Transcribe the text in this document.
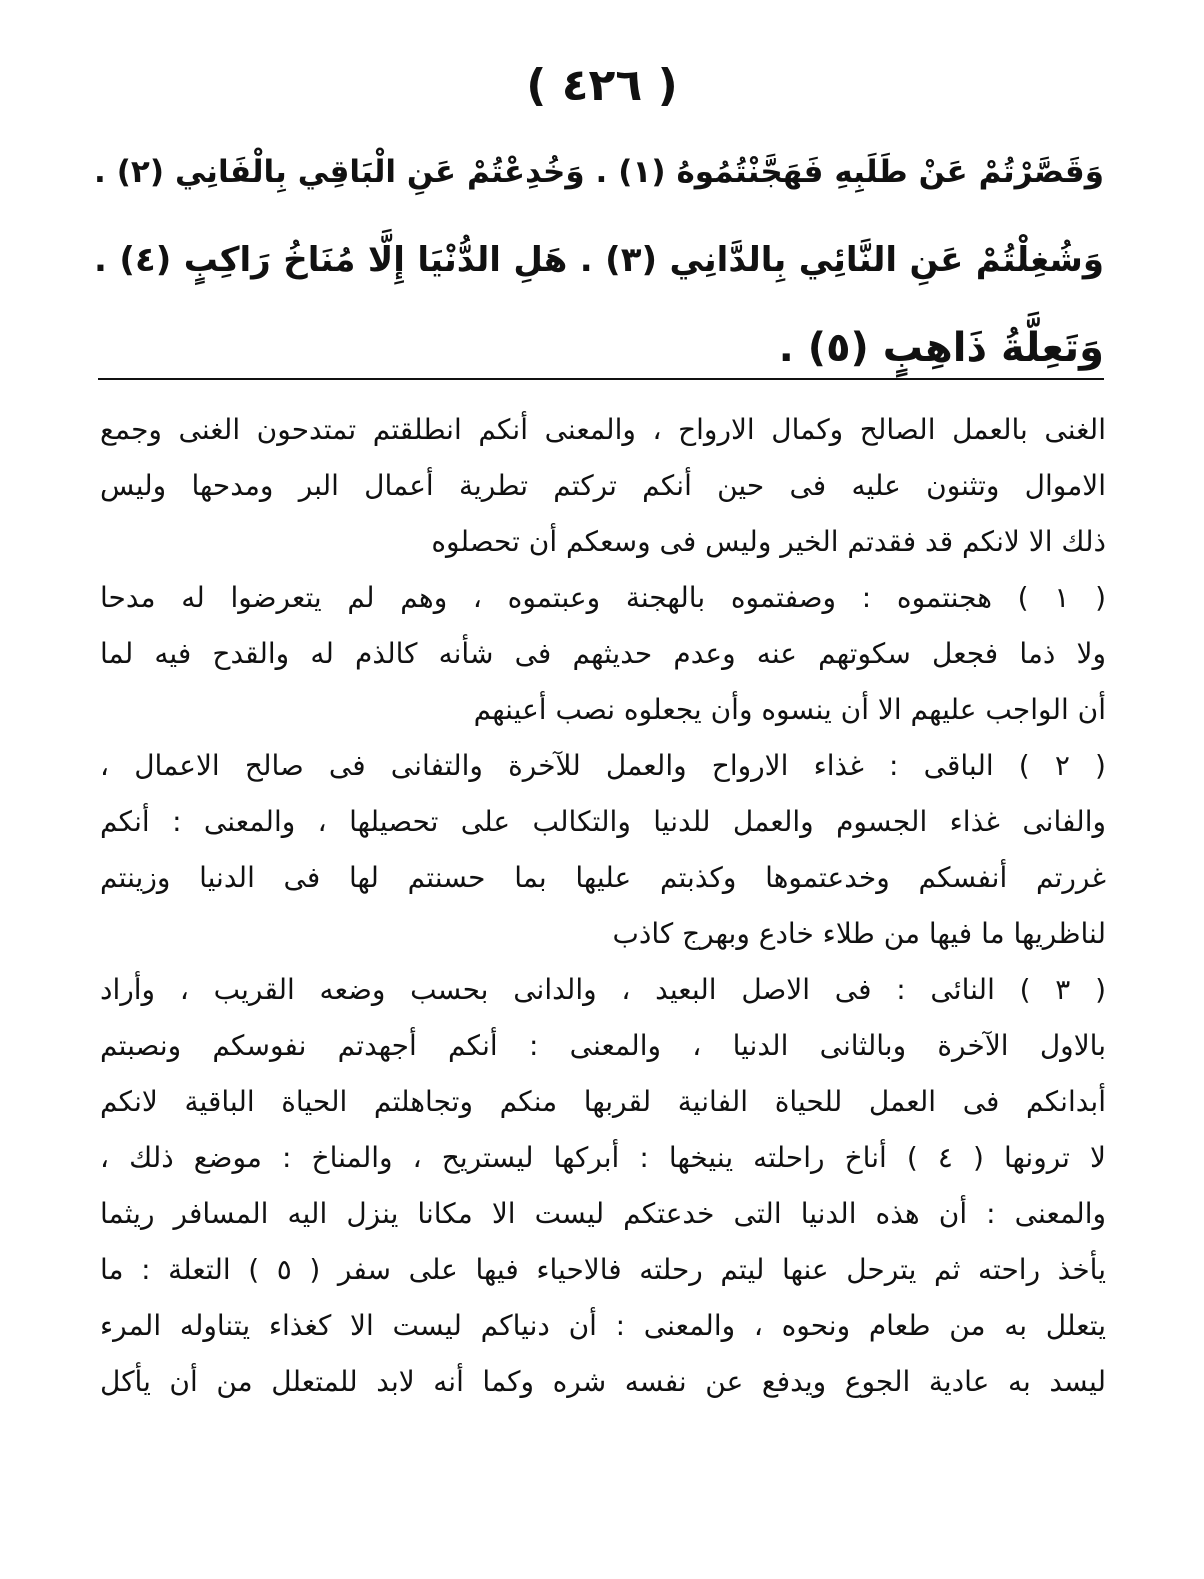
( ٤٢٦ )
وَقَصَّرْتُمْ عَنْ طَلَبِهِ فَهَجَّنْتُمُوهُ (١) . وَخُدِعْتُمْ عَنِ الْبَاقِي بِالْفَانِي (٢) .
وَشُغِلْتُمْ عَنِ النَّائِي بِالدَّانِي (٣) . هَلِ الدُّنْيَا إِلَّا مُنَاخُ رَاكِبٍ (٤) .
وَتَعِلَّةُ ذَاهِبٍ (٥) .
الغنى بالعمل الصالح وكمال الارواح ، والمعنى أنكم انطلقتم تمتدحون الغنى وجمع
الاموال وتثنون عليه فى حين أنكم تركتم تطرية أعمال البر ومدحها وليس
ذلك الا لانكم قد فقدتم الخير وليس فى وسعكم أن تحصلوه
( ١ ) هجنتموه : وصفتموه بالهجنة وعبتموه ، وهم لم يتعرضوا له مدحا
ولا ذما فجعل سكوتهم عنه وعدم حديثهم فى شأنه كالذم له والقدح فيه لما
أن الواجب عليهم الا أن ينسوه وأن يجعلوه نصب أعينهم
( ٢ ) الباقى : غذاء الارواح والعمل للآخرة والتفانى فى صالح الاعمال ،
والفانى غذاء الجسوم والعمل للدنيا والتكالب على تحصيلها ، والمعنى : أنكم
غررتم أنفسكم وخدعتموها وكذبتم عليها بما حسنتم لها فى الدنيا وزينتم
لناظريها ما فيها من طلاء خادع وبهرج كاذب
( ٣ ) النائى : فى الاصل البعيد ، والدانى بحسب وضعه القريب ، وأراد
بالاول الآخرة وبالثانى الدنيا ، والمعنى : أنكم أجهدتم نفوسكم ونصبتم
أبدانكم فى العمل للحياة الفانية لقربها منكم وتجاهلتم الحياة الباقية لانكم
لا ترونها ( ٤ ) أناخ راحلته ينيخها : أبركها ليستريح ، والمناخ : موضع ذلك ،
والمعنى : أن هذه الدنيا التى خدعتكم ليست الا مكانا ينزل اليه المسافر ريثما
يأخذ راحته ثم يترحل عنها ليتم رحلته فالاحياء فيها على سفر ( ٥ ) التعلة : ما
يتعلل به من طعام ونحوه ، والمعنى : أن دنياكم ليست الا كغذاء يتناوله المرء
ليسد به عادية الجوع ويدفع عن نفسه شره وكما أنه لابد للمتعلل من أن يأكل
